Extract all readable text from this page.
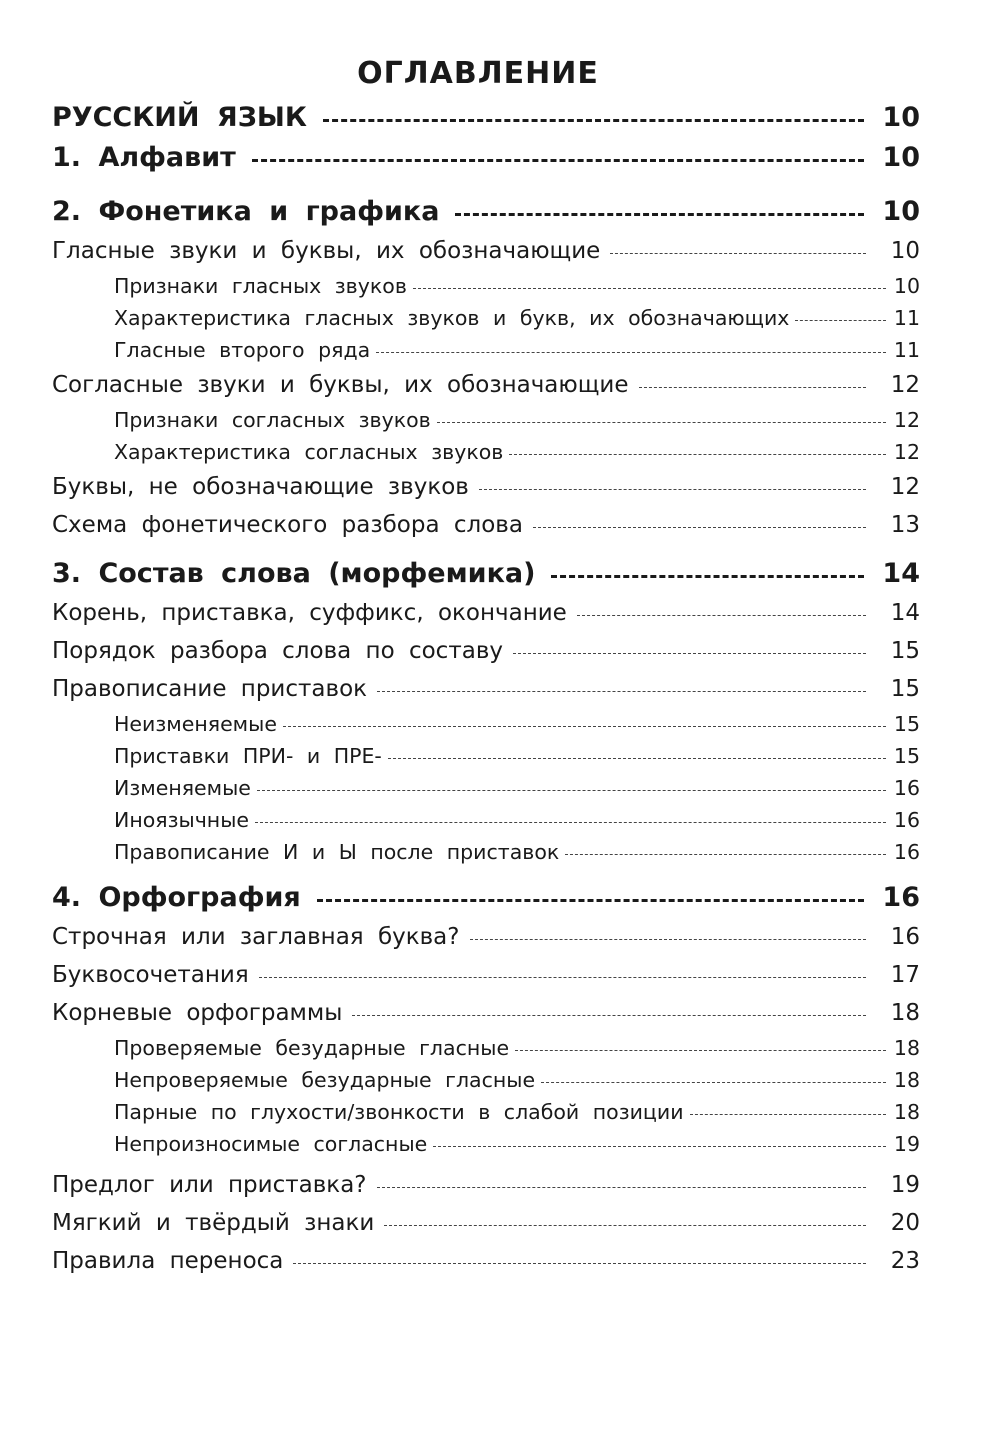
ОГЛАВЛЕНИЕ
РУССКИЙ ЯЗЫК	10
1. Алфавит	10
2. Фонетика и графика	10
Гласные звуки и буквы, их обозначающие	10
Признаки гласных звуков	10
Характеристика гласных звуков и букв, их обозначающих	11
Гласные второго ряда	11
Согласные звуки и буквы, их обозначающие	12
Признаки согласных звуков	12
Характеристика согласных звуков	12
Буквы, не обозначающие звуков	12
Схема фонетического разбора слова	13
3. Состав слова (морфемика)	14
Корень, приставка, суффикс, окончание	14
Порядок разбора слова по составу	15
Правописание приставок	15
Неизменяемые	15
Приставки ПРИ- и ПРЕ-	15
Изменяемые	16
Иноязычные	16
Правописание И и Ы после приставок	16
4. Орфография	16
Строчная или заглавная буква?	16
Буквосочетания	17
Корневые орфограммы	18
Проверяемые безударные гласные	18
Непроверяемые безударные гласные	18
Парные по глухости/звонкости в слабой позиции	18
Непроизносимые согласные	19
Предлог или приставка?	19
Мягкий и твёрдый знаки	20
Правила переноса	23
